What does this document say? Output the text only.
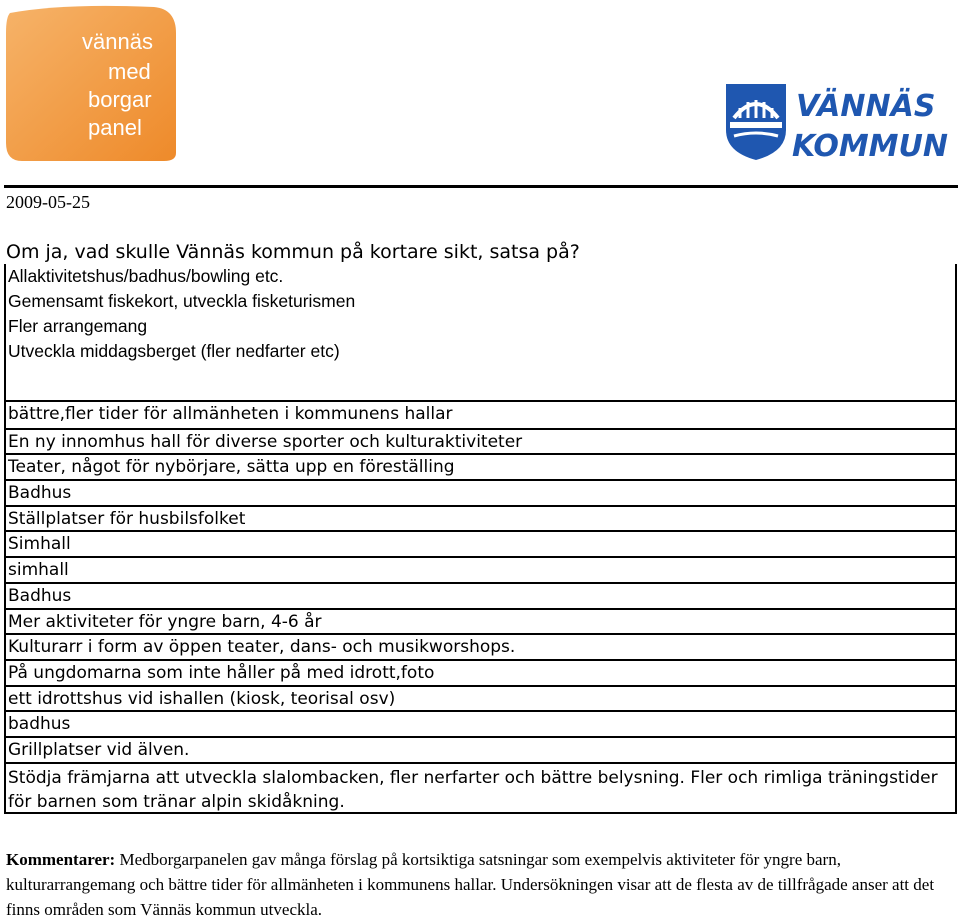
vännäs
med
borgar
panel
VÄNNÄS
KOMMUN
2009-05-25
Om ja, vad skulle Vännäs kommun på kortare sikt, satsa på?
Allaktivitetshus/badhus/bowling etc.
Gemensamt fiskekort, utveckla fisketurismen
Fler arrangemang
Utveckla middagsberget (fler nedfarter etc)
bättre,fler tider för allmänheten i kommunens hallar
En ny innomhus hall för diverse sporter och kulturaktiviteter
Teater, något för nybörjare, sätta upp en föreställing
Badhus
Ställplatser för husbilsfolket
Simhall
simhall
Badhus
Mer aktiviteter för yngre barn, 4-6 år
Kulturarr i form av öppen teater, dans- och musikworshops.
På ungdomarna som inte håller på med idrott,foto
ett idrottshus vid ishallen (kiosk, teorisal osv)
badhus
Grillplatser vid älven.
Stödja främjarna att utveckla slalombacken, fler nerfarter och bättre belysning. Fler och rimliga träningstider för barnen som tränar alpin skidåkning.
Kommentarer: Medborgarpanelen gav många förslag på kortsiktiga satsningar som exempelvis aktiviteter för yngre barn, kulturarrangemang och bättre tider för allmänheten i kommunens hallar. Undersökningen visar att de flesta av de tillfrågade anser att det finns områden som Vännäs kommun utveckla.
